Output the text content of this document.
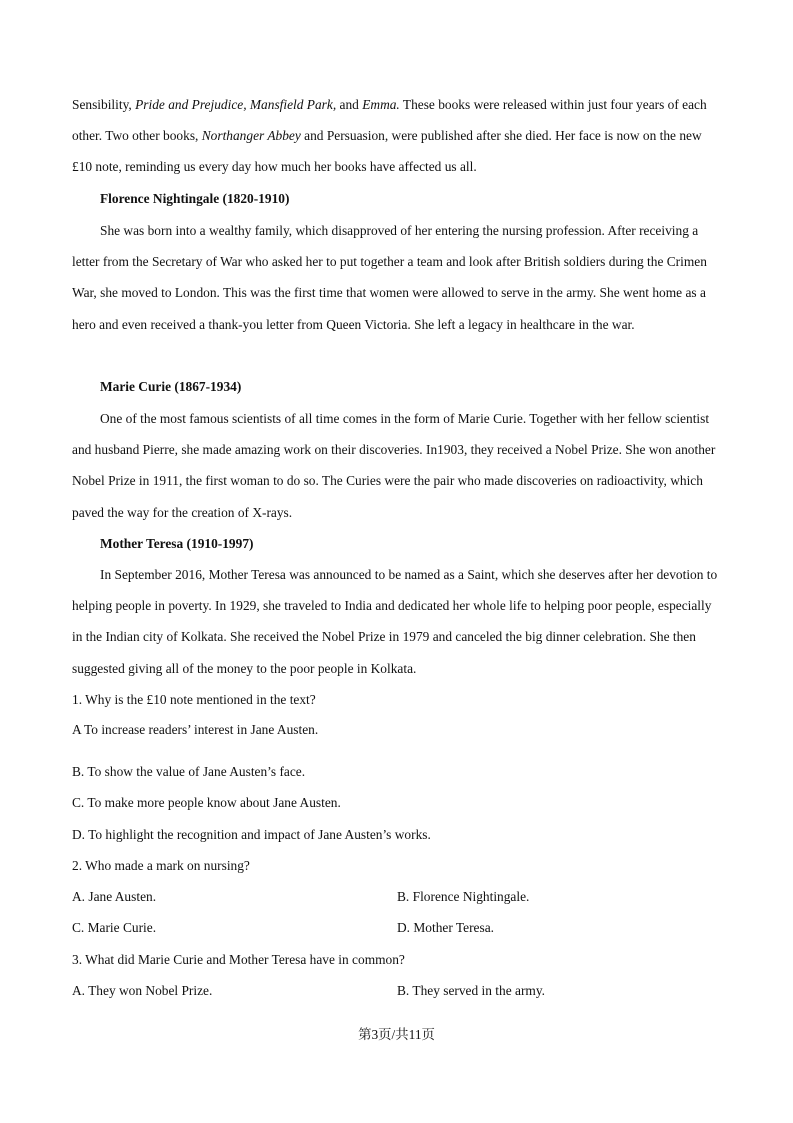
Sensibility, Pride and Prejudice, Mansfield Park, and Emma. These books were released within just four years of each other. Two other books, Northanger Abbey and Persuasion, were published after she died. Her face is now on the new £10 note, reminding us every day how much her books have affected us all.

Florence Nightingale (1820-1910)

She was born into a wealthy family, which disapproved of her entering the nursing profession. After receiving a letter from the Secretary of War who asked her to put together a team and look after British soldiers during the Crimen War, she moved to London. This was the first time that women were allowed to serve in the army. She went home as a hero and even received a thank-you letter from Queen Victoria. She left a legacy in healthcare in the war.

Marie Curie (1867-1934)

One of the most famous scientists of all time comes in the form of Marie Curie. Together with her fellow scientist and husband Pierre, she made amazing work on their discoveries. In1903, they received a Nobel Prize. She won another Nobel Prize in 1911, the first woman to do so. The Curies were the pair who made discoveries on radioactivity, which paved the way for the creation of X-rays.

Mother Teresa (1910-1997)

In September 2016, Mother Teresa was announced to be named as a Saint, which she deserves after her devotion to helping people in poverty. In 1929, she traveled to India and dedicated her whole life to helping poor people, especially in the Indian city of Kolkata. She received the Nobel Prize in 1979 and canceled the big dinner celebration. She then suggested giving all of the money to the poor people in Kolkata.

1. Why is the £10 note mentioned in the text?

A To increase readers’ interest in Jane Austen.

B. To show the value of Jane Austen’s face.

C. To make more people know about Jane Austen.

D. To highlight the recognition and impact of Jane Austen’s works.

2. Who made a mark on nursing?

A. Jane Austen.	B. Florence Nightingale.

C. Marie Curie.	D. Mother Teresa.

3. What did Marie Curie and Mother Teresa have in common?

A. They won Nobel Prize.	B. They served in the army.

第3页/共11页
